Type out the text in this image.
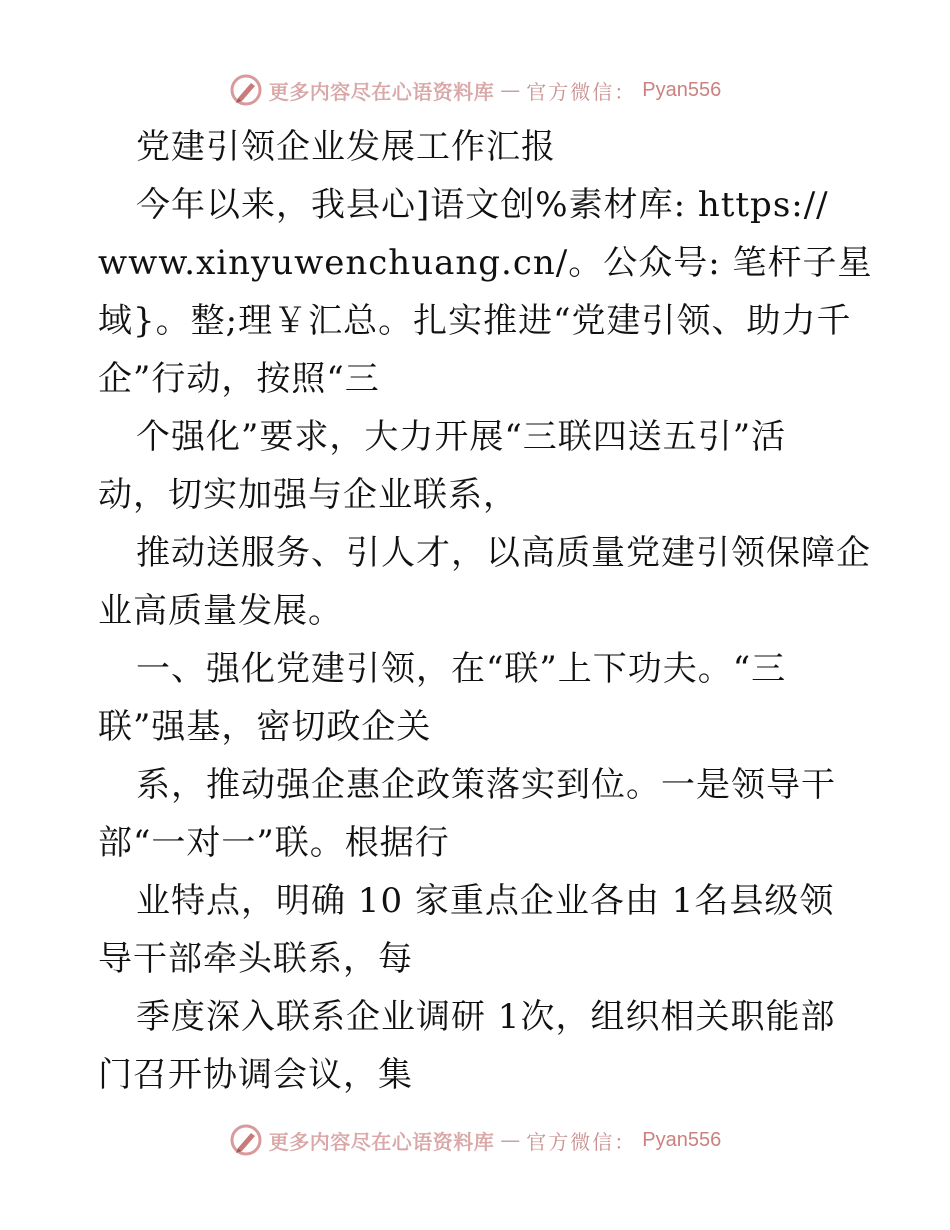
更多内容尽在心语资料库 — 官方微信： Pyan556
党建引领企业发展工作汇报
今年以来，我县心]语文创%素材库: https://
www.xinyuwenchuang.cn/。公众号: 笔杆子星
域}。整;理￥汇总。扎实推进“党建引领、助力千
企”行动，按照“三
个强化”要求，大力开展“三联四送五引”活
动，切实加强与企业联系，
推动送服务、引人才，以高质量党建引领保障企
业高质量发展。
一、强化党建引领，在“联”上下功夫。“三
联”强基，密切政企关
系，推动强企惠企政策落实到位。一是领导干
部“一对一”联。根据行
业特点，明确 10 家重点企业各由 1名县级领
导干部牵头联系，每
季度深入联系企业调研 1次，组织相关职能部
门召开协调会议，集
更多内容尽在心语资料库 — 官方微信： Pyan556
